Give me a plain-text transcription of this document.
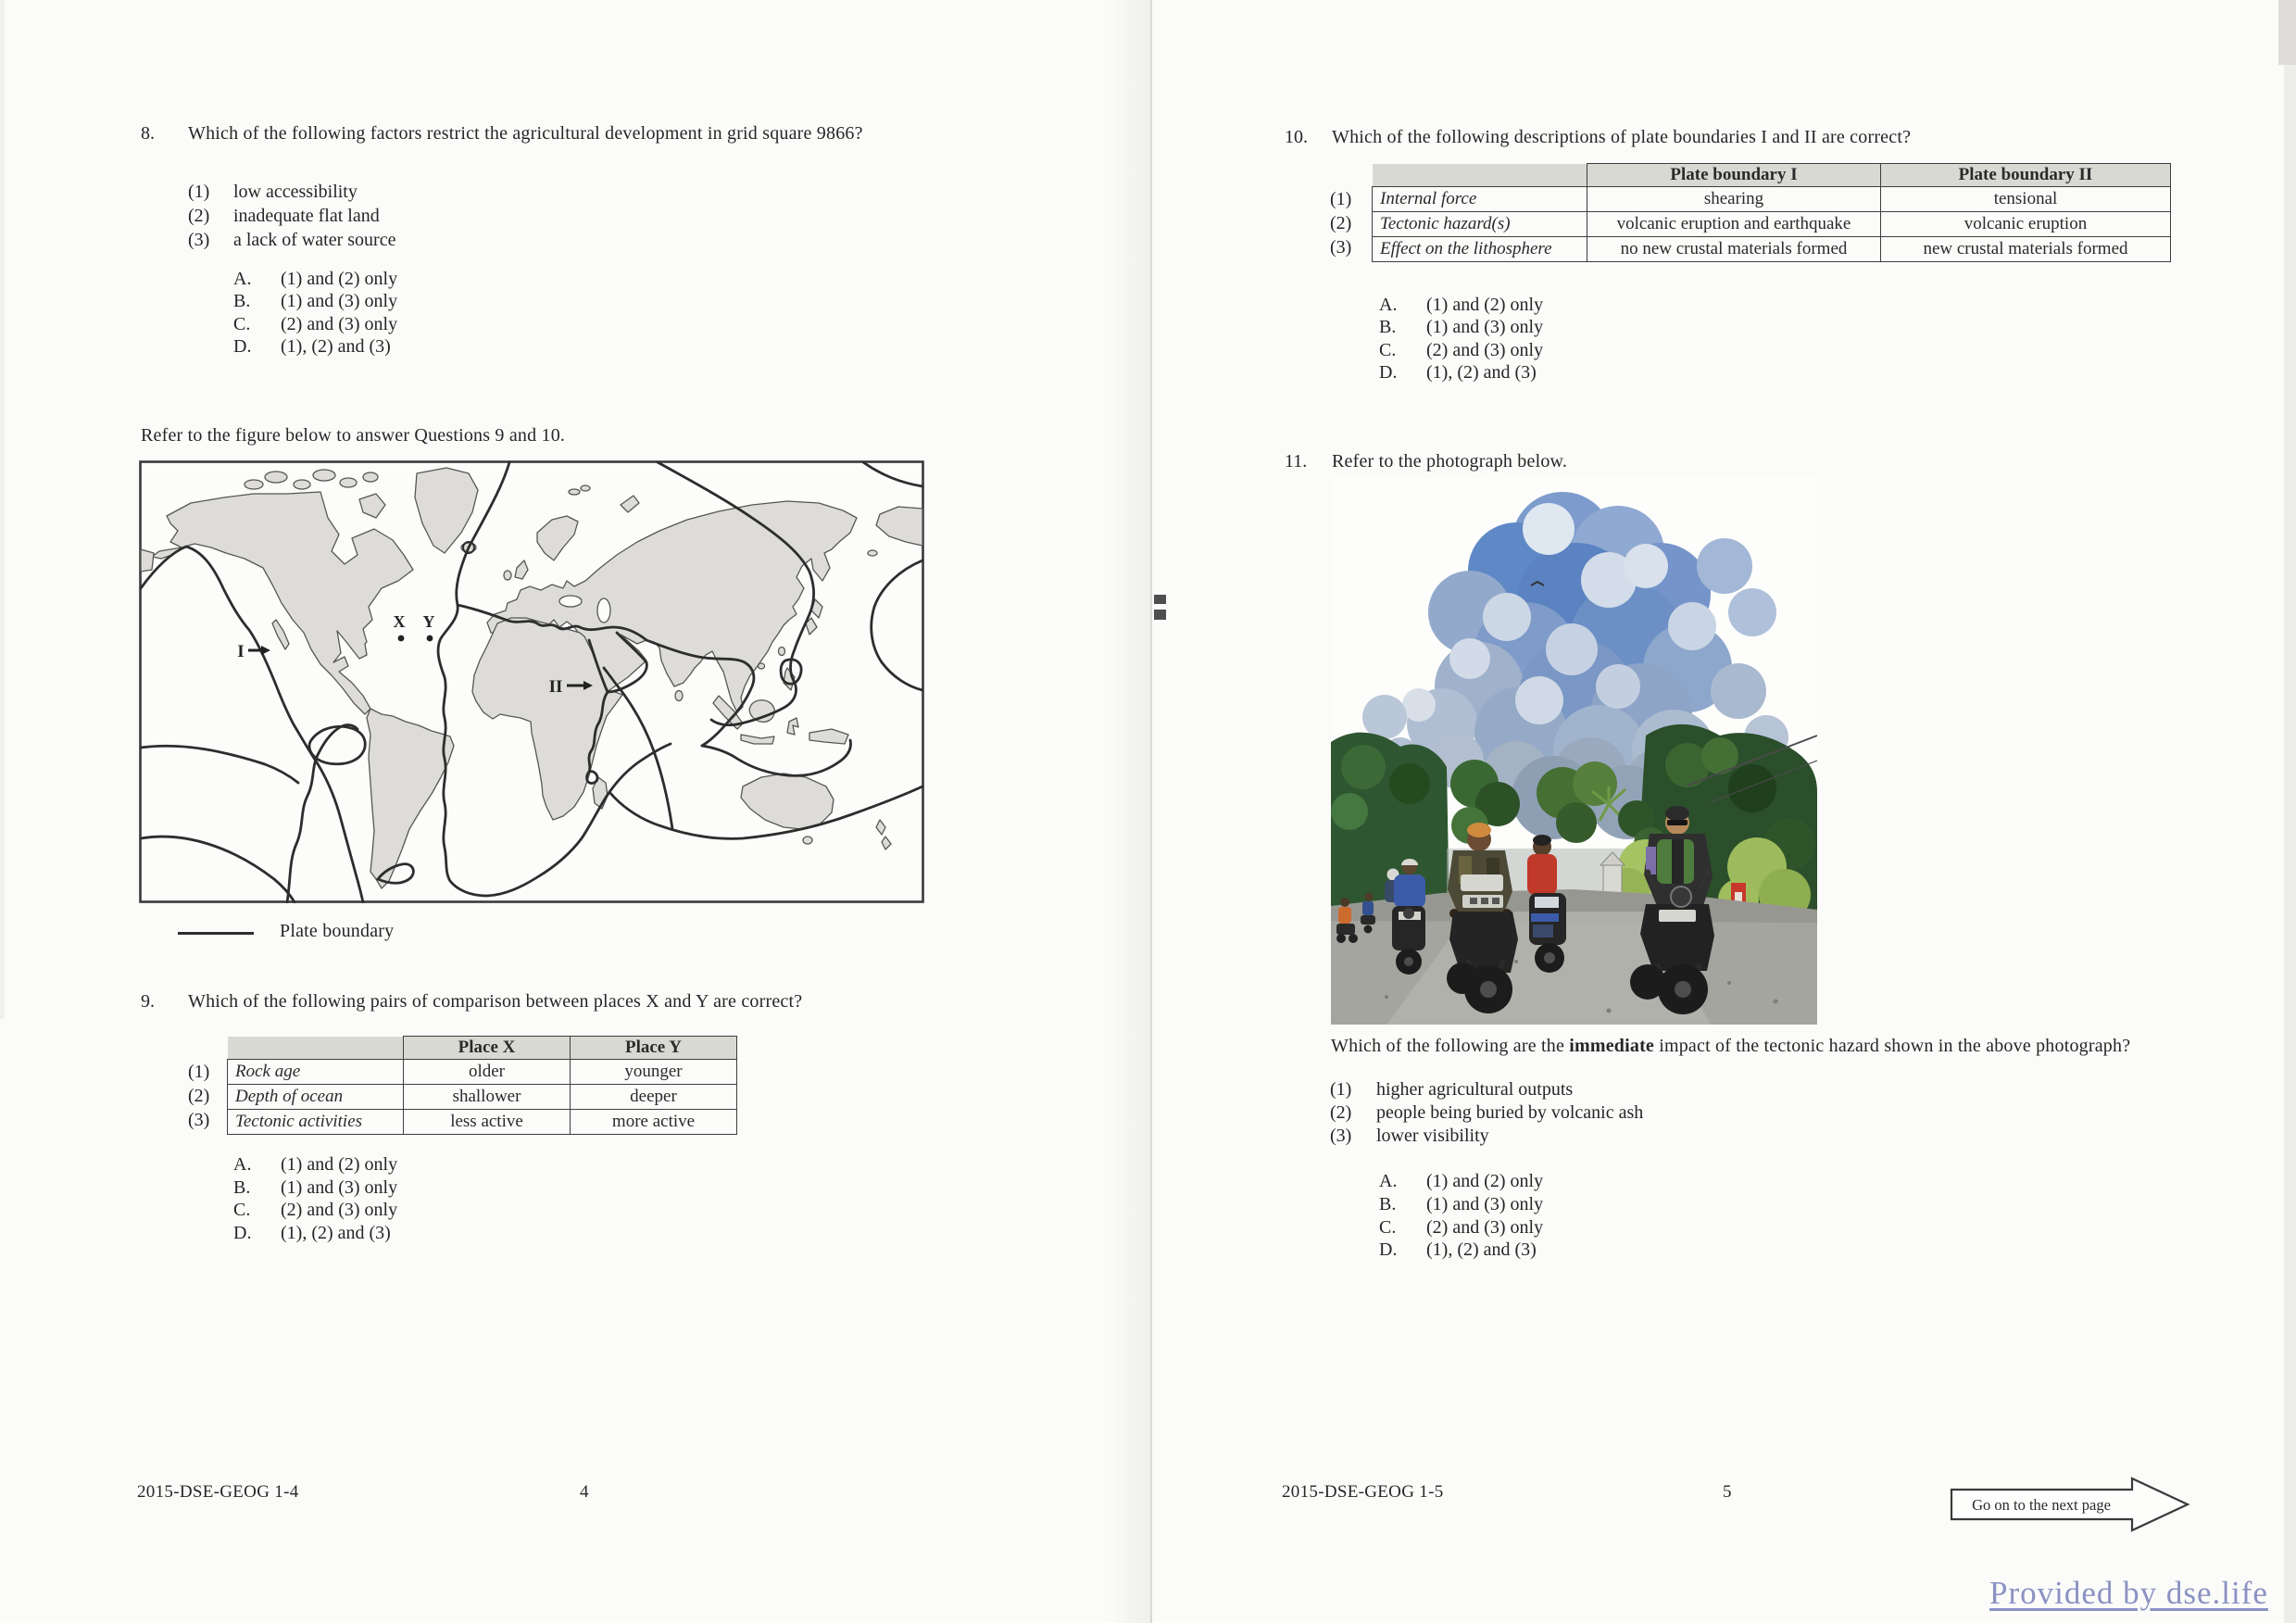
8. Which of the following factors restrict the agricultural development in grid square 9866?
(1) low accessibility
(2) inadequate flat land
(3) a lack of water source
A. (1) and (2) only
B. (1) and (3) only
C. (2) and (3) only
D. (1), (2) and (3)
Refer to the figure below to answer Questions 9 and 10.
X Y
I
II
Plate boundary
9. Which of the following pairs of comparison between places X and Y are correct?
(1)
(2)
(3)
	Place X	Place Y
Rock age	older	younger
Depth of ocean	shallower	deeper
Tectonic activities	less active	more active
A. (1) and (2) only
B. (1) and (3) only
C. (2) and (3) only
D. (1), (2) and (3)
2015-DSE-GEOG 1-4	4
10. Which of the following descriptions of plate boundaries I and II are correct?
(1)
(2)
(3)
	Plate boundary I	Plate boundary II
Internal force	shearing	tensional
Tectonic hazard(s)	volcanic eruption and earthquake	volcanic eruption
Effect on the lithosphere	no new crustal materials formed	new crustal materials formed
A. (1) and (2) only
B. (1) and (3) only
C. (2) and (3) only
D. (1), (2) and (3)
11. Refer to the photograph below.
Which of the following are the immediate impact of the tectonic hazard shown in the above photograph?
(1) higher agricultural outputs
(2) people being buried by volcanic ash
(3) lower visibility
A. (1) and (2) only
B. (1) and (3) only
C. (2) and (3) only
D. (1), (2) and (3)
2015-DSE-GEOG 1-5	5
Go on to the next page
Provided by dse.life
